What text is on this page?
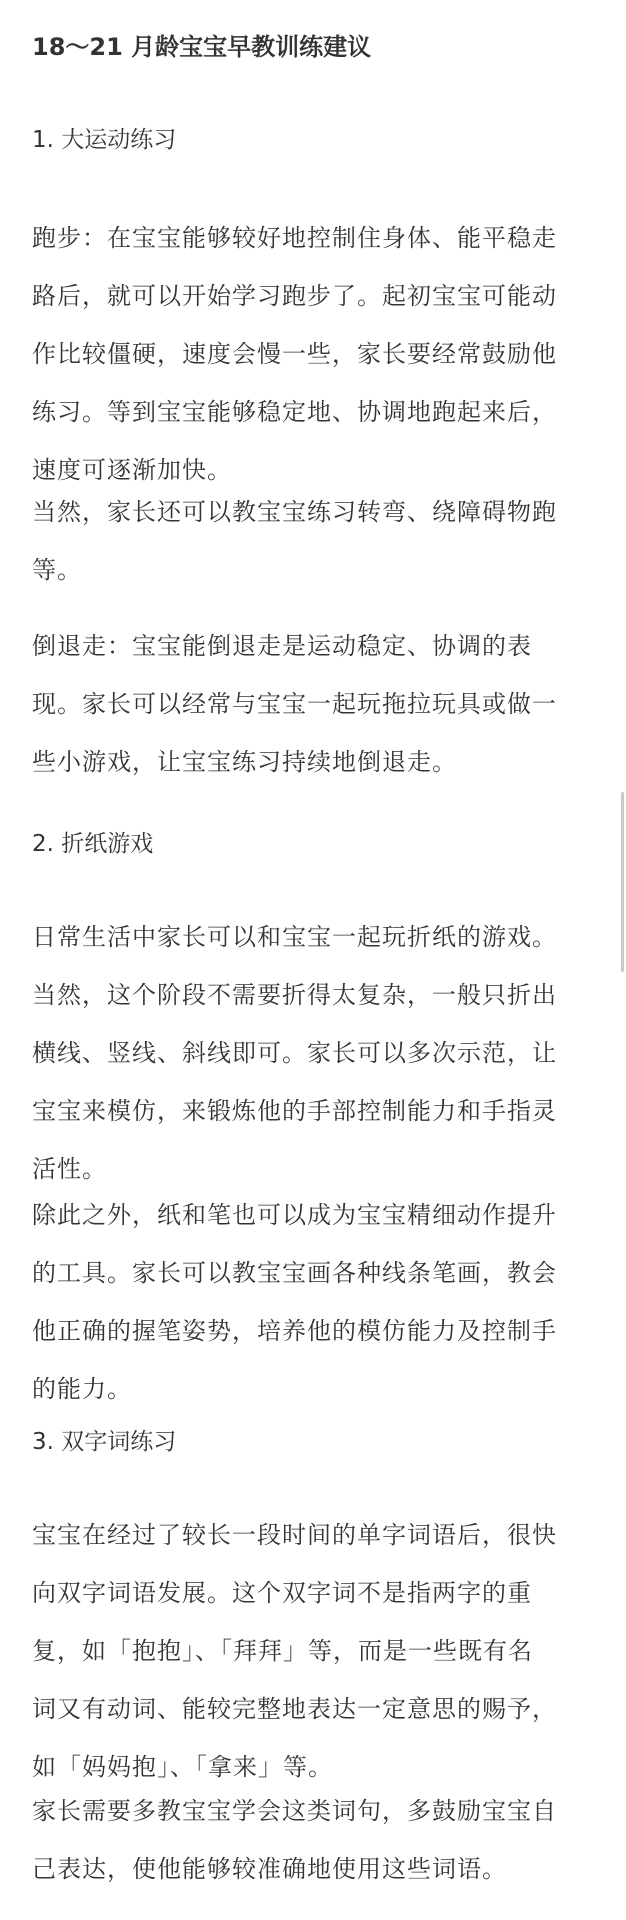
18～21 月龄宝宝早教训练建议
1. 大运动练习
跑步：在宝宝能够较好地控制住身体、能平稳走
路后，就可以开始学习跑步了。起初宝宝可能动
作比较僵硬，速度会慢一些，家长要经常鼓励他
练习。等到宝宝能够稳定地、协调地跑起来后，
速度可逐渐加快。
当然，家长还可以教宝宝练习转弯、绕障碍物跑
等。
倒退走：宝宝能倒退走是运动稳定、协调的表
现。家长可以经常与宝宝一起玩拖拉玩具或做一
些小游戏，让宝宝练习持续地倒退走。
2. 折纸游戏
日常生活中家长可以和宝宝一起玩折纸的游戏。
当然，这个阶段不需要折得太复杂，一般只折出
横线、竖线、斜线即可。家长可以多次示范，让
宝宝来模仿，来锻炼他的手部控制能力和手指灵
活性。
除此之外，纸和笔也可以成为宝宝精细动作提升
的工具。家长可以教宝宝画各种线条笔画，教会
他正确的握笔姿势，培养他的模仿能力及控制手
的能力。
3. 双字词练习
宝宝在经过了较长一段时间的单字词语后，很快
向双字词语发展。这个双字词不是指两字的重
复，如「抱抱」、「拜拜」等，而是一些既有名
词又有动词、能较完整地表达一定意思的赐予，
如「妈妈抱」、「拿来」等。
家长需要多教宝宝学会这类词句，多鼓励宝宝自
己表达，使他能够较准确地使用这些词语。
